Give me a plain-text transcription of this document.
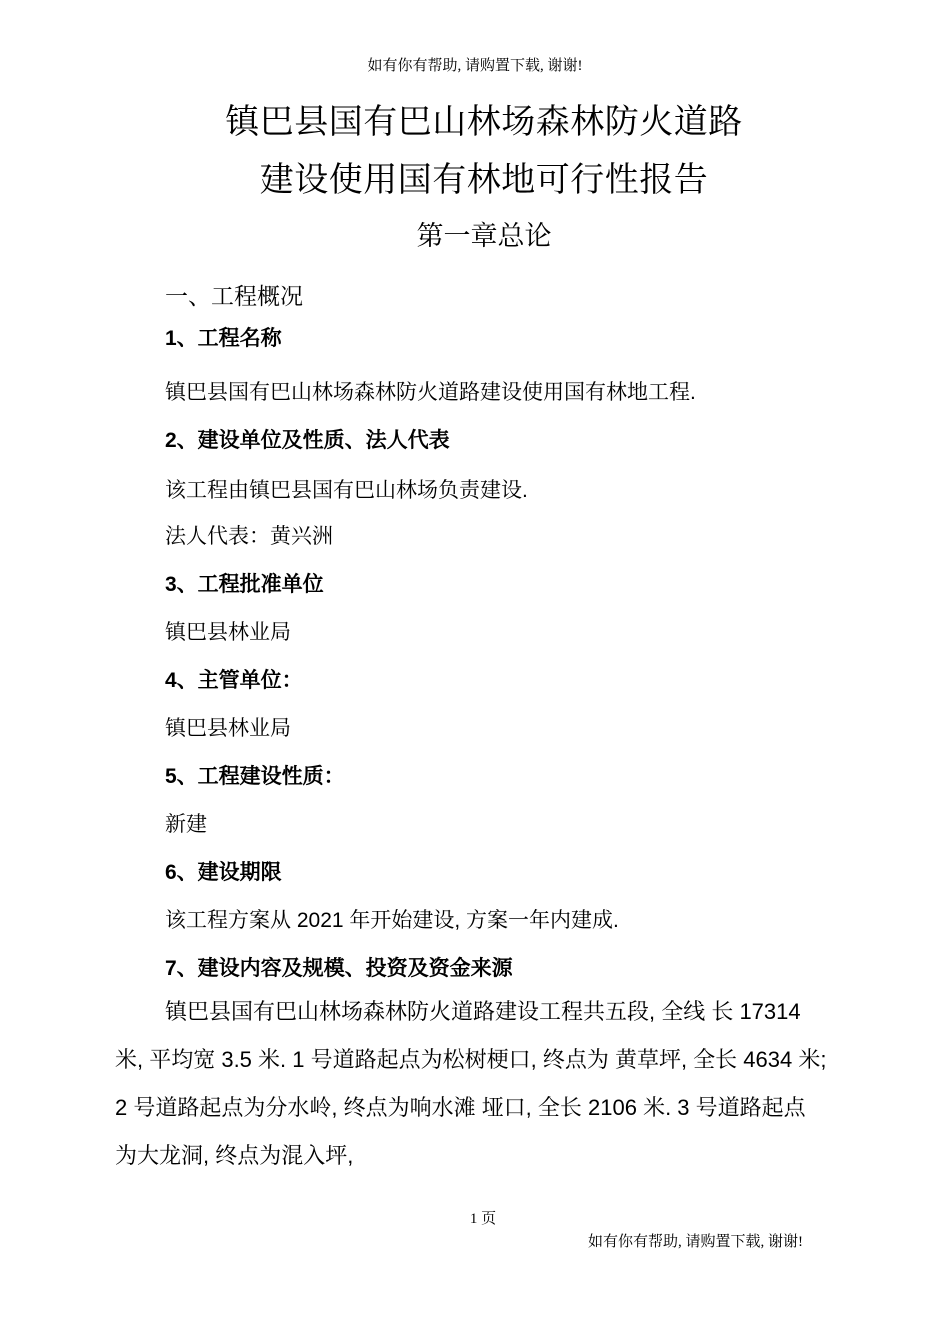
如有你有帮助, 请购置下载, 谢谢!
镇巴县国有巴山林场森林防火道路
建设使用国有林地可行性报告
第一章总论
一、工程概况
1、工程名称
镇巴县国有巴山林场森林防火道路建设使用国有林地工程.
2、建设单位及性质、法人代表
该工程由镇巴县国有巴山林场负责建设.
法人代表：黄兴洲
3、工程批准单位
镇巴县林业局
4、主管单位：
镇巴县林业局
5、工程建设性质：
新建
6、建设期限
该工程方案从 2021 年开始建设, 方案一年内建成.
7、建设内容及规模、投资及资金来源
镇巴县国有巴山林场森林防火道路建设工程共五段, 全线 长 17314
米, 平均宽 3.5 米. 1 号道路起点为松树梗口, 终点为 黄草坪, 全长 4634 米;
2 号道路起点为分水岭, 终点为响水滩 垭口, 全长 2106 米. 3 号道路起点
为大龙洞, 终点为混入坪,
1 页
如有你有帮助, 请购置下载, 谢谢!
